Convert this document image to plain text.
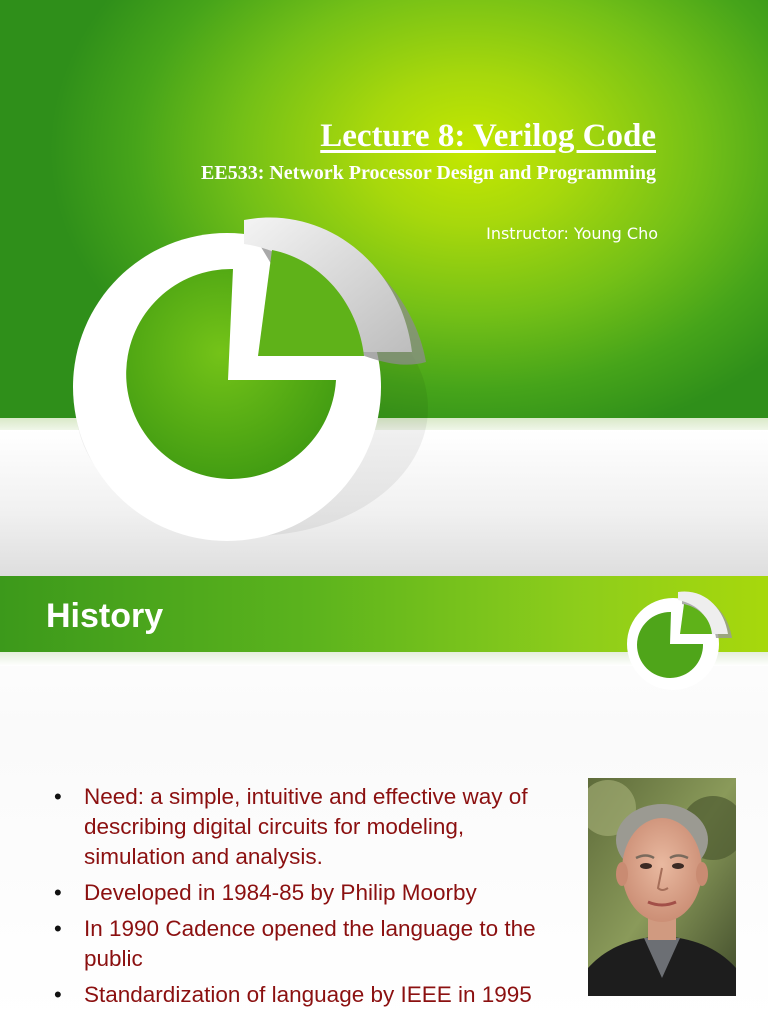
Lecture 8: Verilog Code
EE533: Network Processor Design and Programming

Instructor: Young Cho

History
• Need: a simple, intuitive and effective way of describing digital circuits for modeling, simulation and analysis.
• Developed in 1984-85 by Philip Moorby
• In 1990 Cadence opened the language to the public
• Standardization of language by IEEE in 1995
